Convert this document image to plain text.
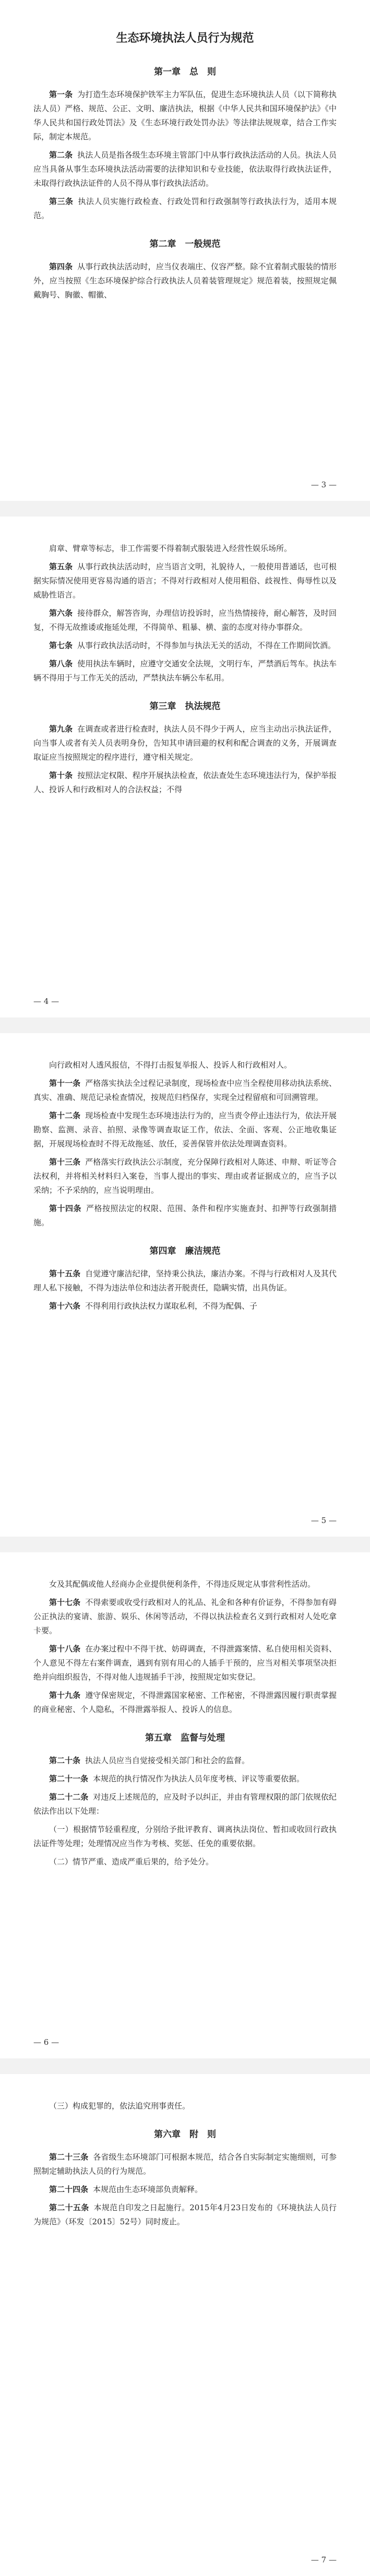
生态环境执法人员行为规范
第一章　总　则

第一条 为打造生态环境保护铁军主力军队伍，促进生态环境执法人员（以下简称执法人员）严格、规范、公正、文明、廉洁执法，根据《中华人民共和国环境保护法》《中华人民共和国行政处罚法》及《生态环境行政处罚办法》等法律法规规章，结合工作实际，制定本规范。

第二条 执法人员是指各级生态环境主管部门中从事行政执法活动的人员。执法人员应当具备从事生态环境执法活动需要的法律知识和专业技能，依法取得行政执法证件，未取得行政执法证件的人员不得从事行政执法活动。

第三条 执法人员实施行政检查、行政处罚和行政强制等行政执法行为，适用本规范。

第二章　一般规范

第四条 从事行政执法活动时，应当仪表端庄、仪容严整。除不宜着制式服装的情形外，应当按照《生态环境保护综合行政执法人员着装管理规定》规范着装，按照规定佩戴胸号、胸徽、帽徽、

— 3 —

肩章、臂章等标志，非工作需要不得着制式服装进入经营性娱乐场所。

第五条 从事行政执法活动时，应当语言文明，礼貌待人，一般使用普通话，也可根据实际情况使用更容易沟通的语言；不得对行政相对人使用粗俗、歧视性、侮辱性以及威胁性语言。

第六条 接待群众，解答咨询，办理信访投诉时，应当热情接待，耐心解答，及时回复，不得无故推诿或拖延处理，不得简单、粗暴、横、蛮的态度对待办事群众。

第七条 从事行政执法活动时，不得参加与执法无关的活动，不得在工作期间饮酒。

第八条 使用执法车辆时，应遵守交通安全法规，文明行车，严禁酒后驾车。执法车辆不得用于与工作无关的活动，严禁执法车辆公车私用。

第三章　执法规范

第九条 在调查或者进行检查时，执法人员不得少于两人，应当主动出示执法证件，向当事人或者有关人员表明身份，告知其申请回避的权利和配合调查的义务，开展调查取证应当按照规定的程序进行，遵守相关规定。

第十条 按照法定权限、程序开展执法检查，依法查处生态环境违法行为，保护举报人、投诉人和行政相对人的合法权益；不得

— 4 —

向行政相对人透风报信，不得打击报复举报人、投诉人和行政相对人。

第十一条 严格落实执法全过程记录制度，现场检查中应当全程使用移动执法系统、真实、准确、规范记录检查情况，按规范归档保存，实现全过程留痕和可回溯管理。

第十二条 现场检查中发现生态环境违法行为的，应当责令停止违法行为，依法开展勘察、监测、录音、拍照、录像等调查取证工作，依法、全面、客观、公正地收集证据，开展现场检查时不得无故拖延、放任，妥善保管并依法处理调查资料。

第十三条 严格落实行政执法公示制度，充分保障行政相对人陈述、申辩、听证等合法权利，并将相关材料归入案卷，当事人提出的事实、理由或者证据成立的，应当予以采纳；不予采纳的，应当说明理由。

第十四条 严格按照法定的权限、范围、条件和程序实施查封、扣押等行政强制措施。

第四章　廉洁规范

第十五条 自觉遵守廉洁纪律，坚持秉公执法，廉洁办案。不得与行政相对人及其代理人私下接触，不得为违法单位和违法者开脱责任，隐瞒实情，出具伪证。

第十六条 不得利用行政执法权力谋取私利，不得为配偶、子

— 5 —

女及其配偶或他人经商办企业提供便利条件，不得违反规定从事营利性活动。

第十七条 不得索要或收受行政相对人的礼品、礼金和各种有价证券，不得参加有碍公正执法的宴请、旅游、娱乐、休闲等活动，不得以执法检查名义到行政相对人处吃拿卡要。

第十八条 在办案过程中不得干扰、妨碍调查，不得泄露案情、私自使用相关资料、个人意见不得左右案件调查，遇到有别有用心的人插手干预的，应当对相关事项坚决拒绝并向组织报告，不得对他人违规插手干涉，按照规定如实登记。

第十九条 遵守保密规定，不得泄露国家秘密、工作秘密，不得泄露因履行职责掌握的商业秘密、个人隐私，不得泄露举报人、投诉人的信息。

第五章　监督与处理

第二十条 执法人员应当自觉接受相关部门和社会的监督。

第二十一条 本规范的执行情况作为执法人员年度考核、评议等重要依据。

第二十二条 对违反上述规范的，应及时予以纠正，并由有管理权限的部门依规依纪依法作出以下处理：

（一）根据情节轻重程度，分别给予批评教育、调离执法岗位、暂扣或收回行政执法证件等处理；处理情况应当作为考核、奖惩、任免的重要依据。

（二）情节严重、造成严重后果的，给予处分。

— 6 —

（三）构成犯罪的，依法追究刑事责任。

第六章　附　则

第二十三条 各省级生态环境部门可根据本规范，结合各自实际制定实施细则，可参照制定辅助执法人员的行为规范。

第二十四条 本规范由生态环境部负责解释。

第二十五条 本规范自印发之日起施行。2015年4月23日发布的《环境执法人员行为规范》（环发〔2015〕52号）同时废止。

— 7 —
